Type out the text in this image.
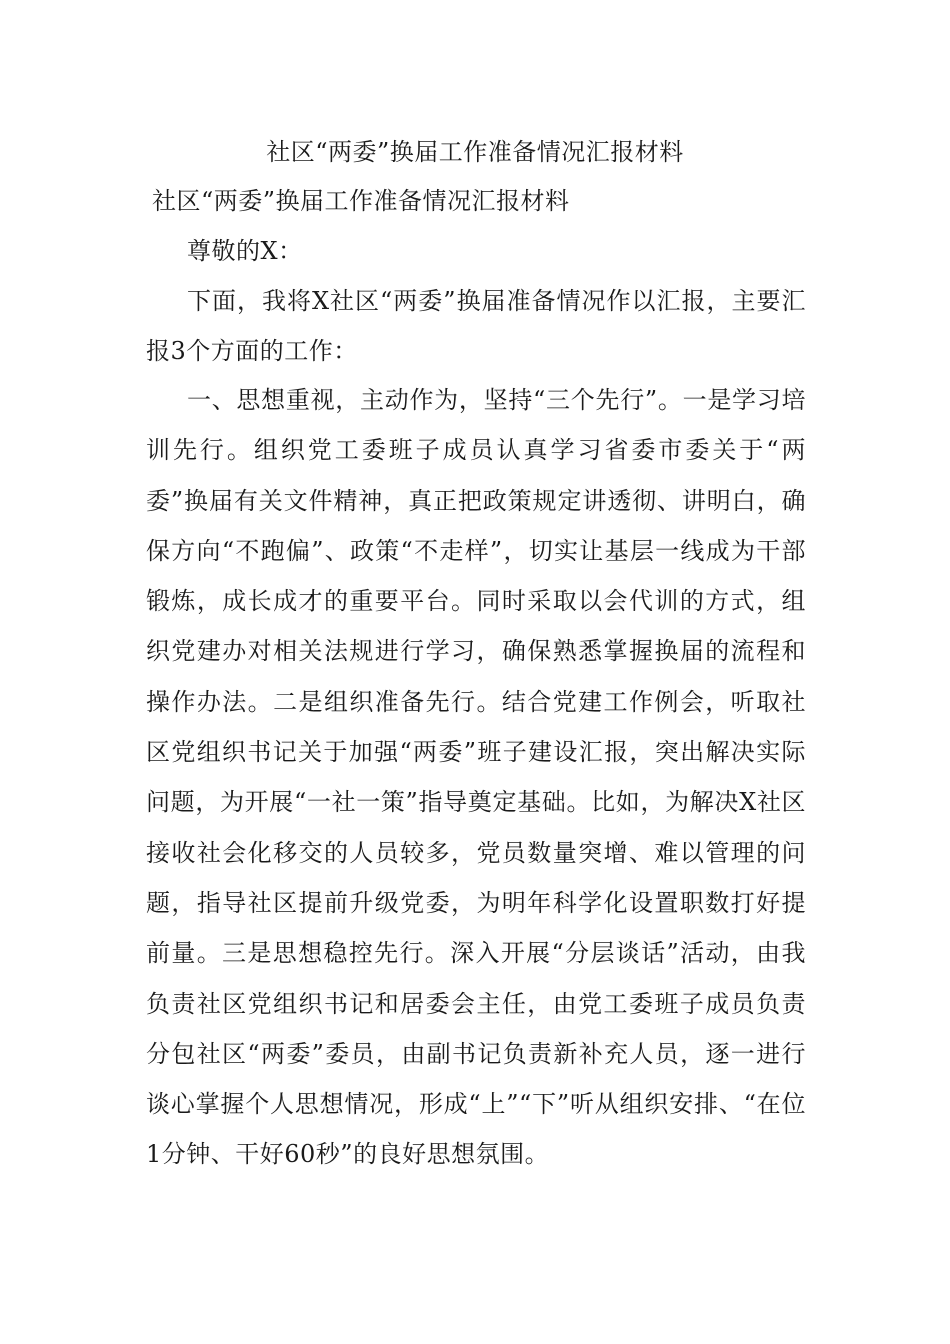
社区“两委”换届工作准备情况汇报材料
社区“两委”换届工作准备情况汇报材料

尊敬的X：

下面，我将X社区“两委”换届准备情况作以汇报，主要汇报3个方面的工作：

一、思想重视，主动作为，坚持“三个先行”。一是学习培训先行。组织党工委班子成员认真学习省委市委关于“两委”换届有关文件精神，真正把政策规定讲透彻、讲明白，确保方向“不跑偏”、政策“不走样”，切实让基层一线成为干部锻炼，成长成才的重要平台。同时采取以会代训的方式，组织党建办对相关法规进行学习，确保熟悉掌握换届的流程和操作办法。二是组织准备先行。结合党建工作例会，听取社区党组织书记关于加强“两委”班子建设汇报，突出解决实际问题，为开展“一社一策”指导奠定基础。比如，为解决X社区接收社会化移交的人员较多，党员数量突增、难以管理的问题，指导社区提前升级党委，为明年科学化设置职数打好提前量。三是思想稳控先行。深入开展“分层谈话”活动，由我负责社区党组织书记和居委会主任，由党工委班子成员负责分包社区“两委”委员，由副书记负责新补充人员，逐一进行谈心掌握个人思想情况，形成“上”“下”听从组织安排、“在位1分钟、干好60秒”的良好思想氛围。
